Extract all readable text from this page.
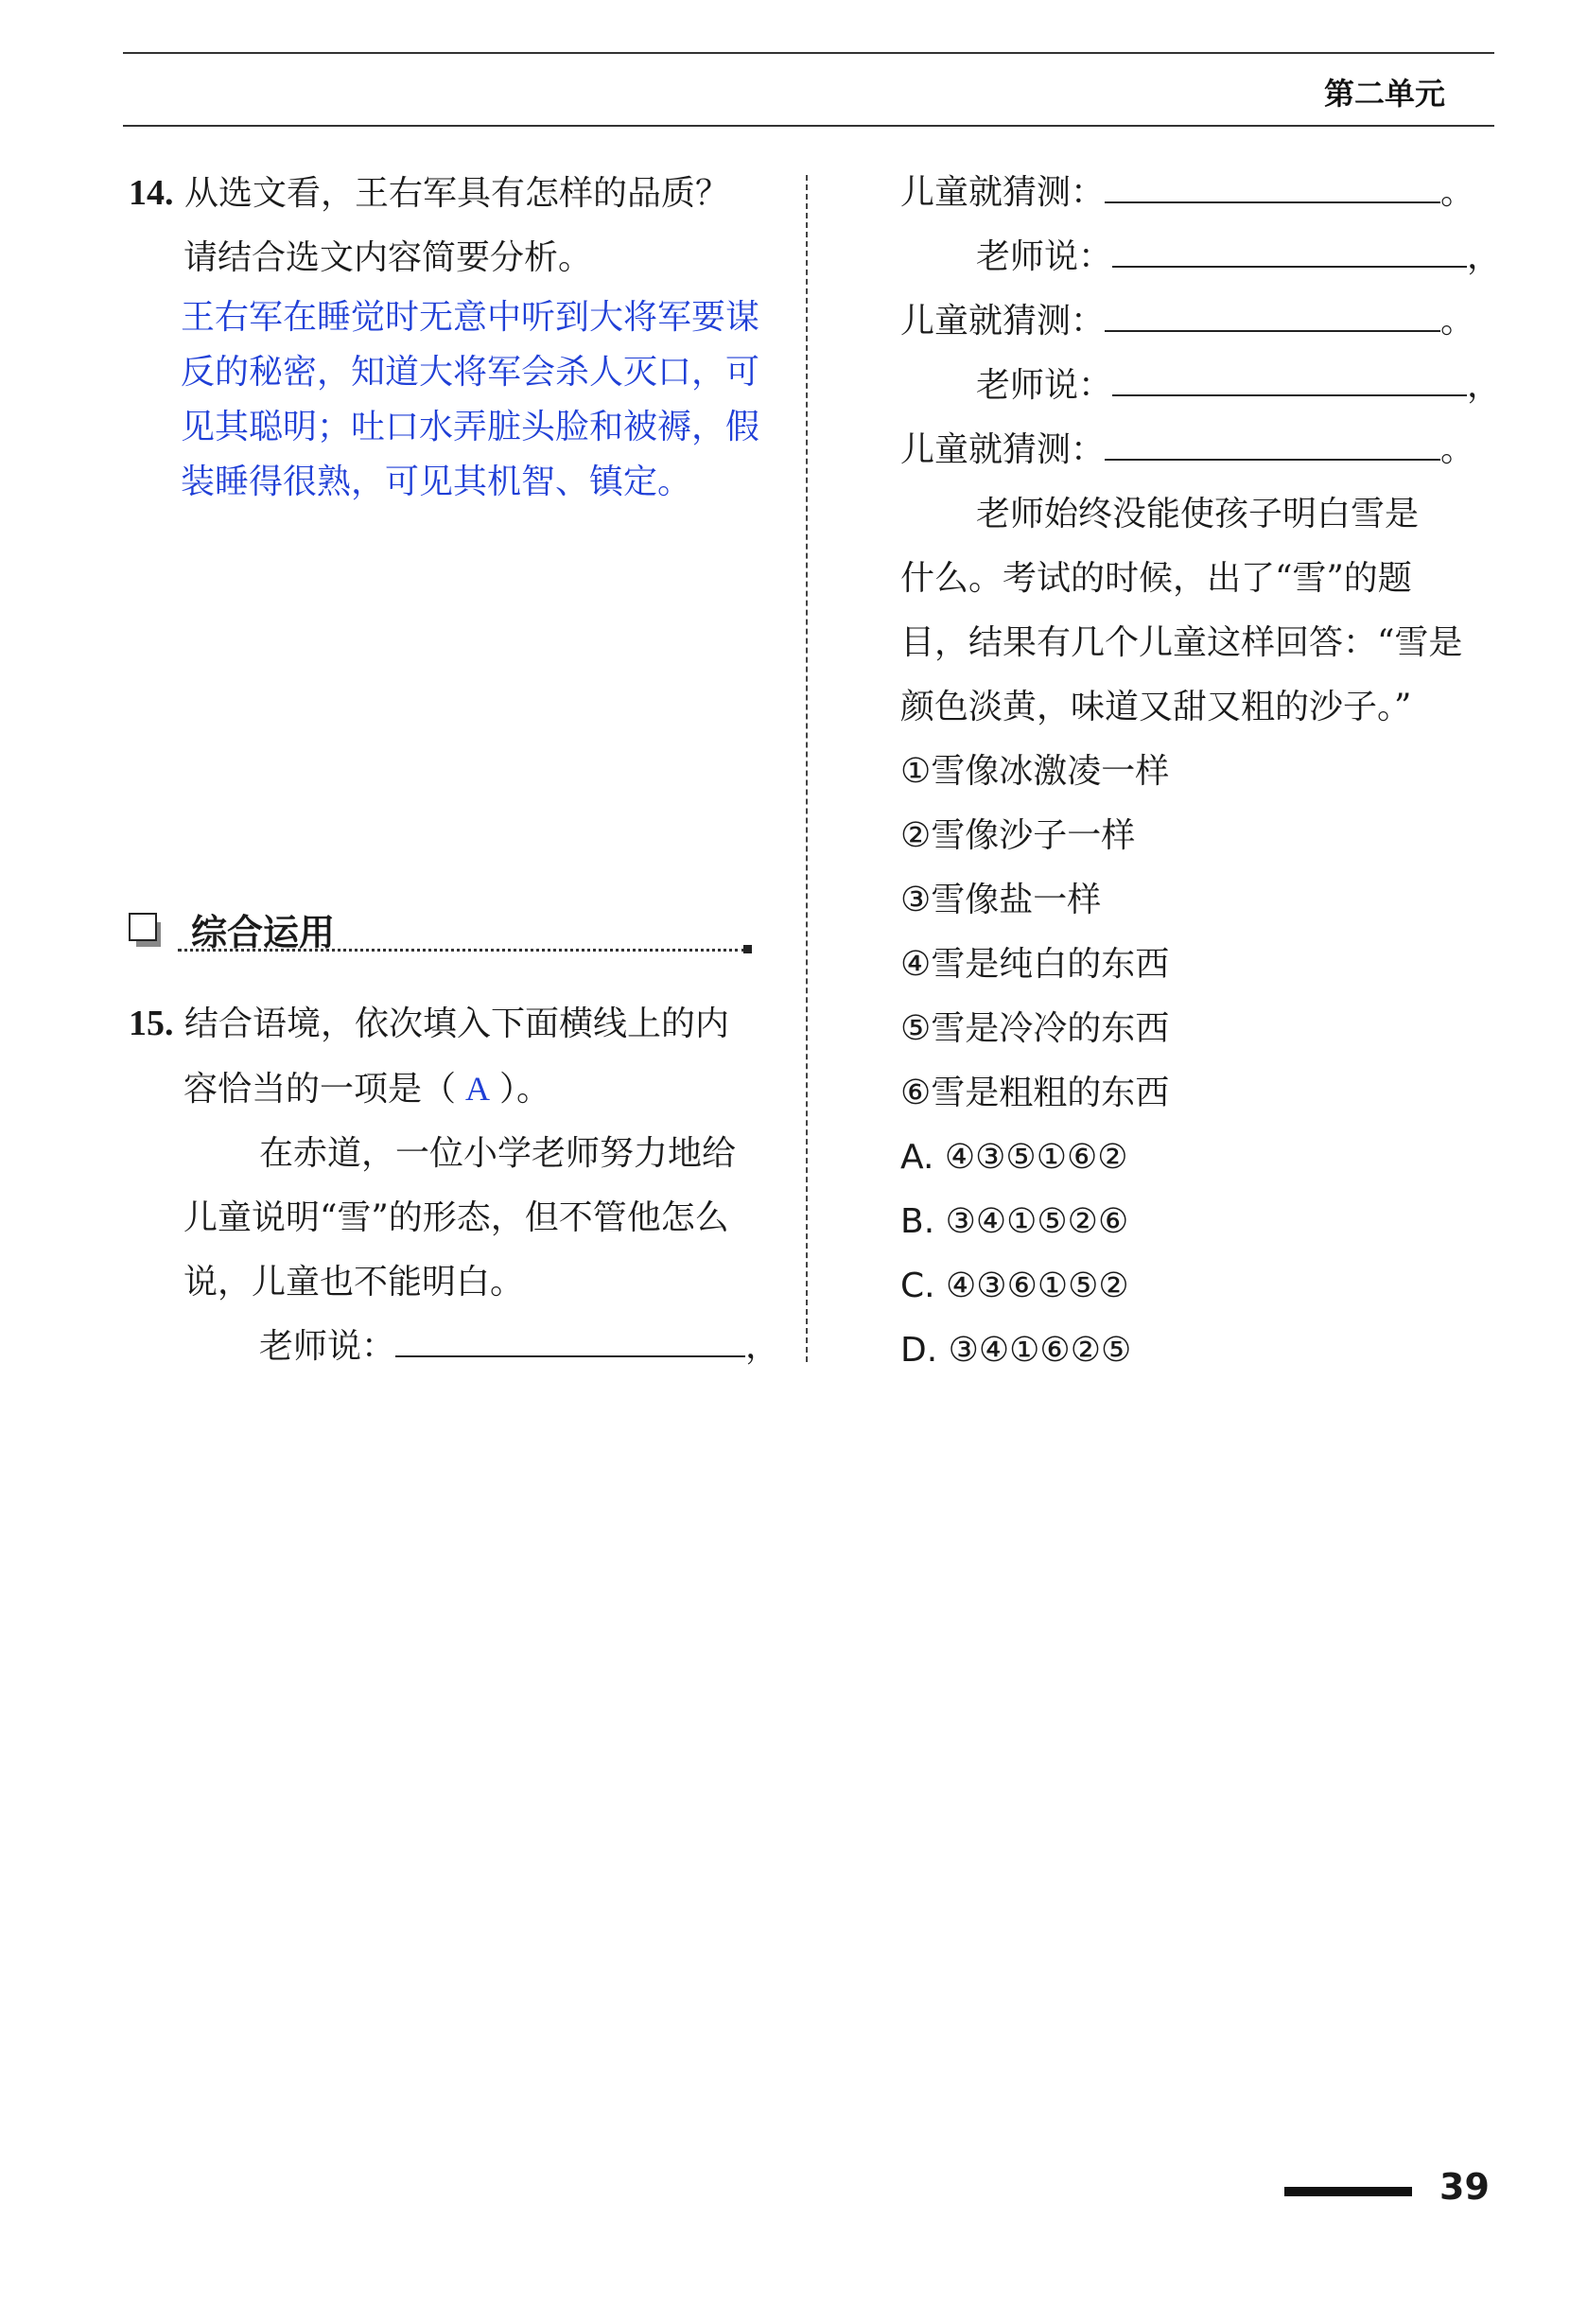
第二单元
14. 从选文看，王右军具有怎样的品质？
请结合选文内容简要分析。
王右军在睡觉时无意中听到大将军要谋反的秘密，知道大将军会杀人灭口，可见其聪明；吐口水弄脏头脸和被褥，假装睡得很熟，可见其机智、镇定。
综合运用
15. 结合语境，依次填入下面横线上的内
容恰当的一项是（ A ）。
在赤道，一位小学老师努力地给
儿童说明“雪”的形态，但不管他怎么
说，儿童也不能明白。
老师说：	，
儿童就猜测：	。
老师说：	，
儿童就猜测：	。
老师说：	，
儿童就猜测：	。
老师始终没能使孩子明白雪是
什么。考试的时候，出了“雪”的题
目，结果有几个儿童这样回答：“雪是
颜色淡黄，味道又甜又粗的沙子。”
①雪像冰激凌一样
②雪像沙子一样
③雪像盐一样
④雪是纯白的东西
⑤雪是冷冷的东西
⑥雪是粗粗的东西
A. ④③⑤①⑥②
B. ③④①⑤②⑥
C. ④③⑥①⑤②
D. ③④①⑥②⑤
39
